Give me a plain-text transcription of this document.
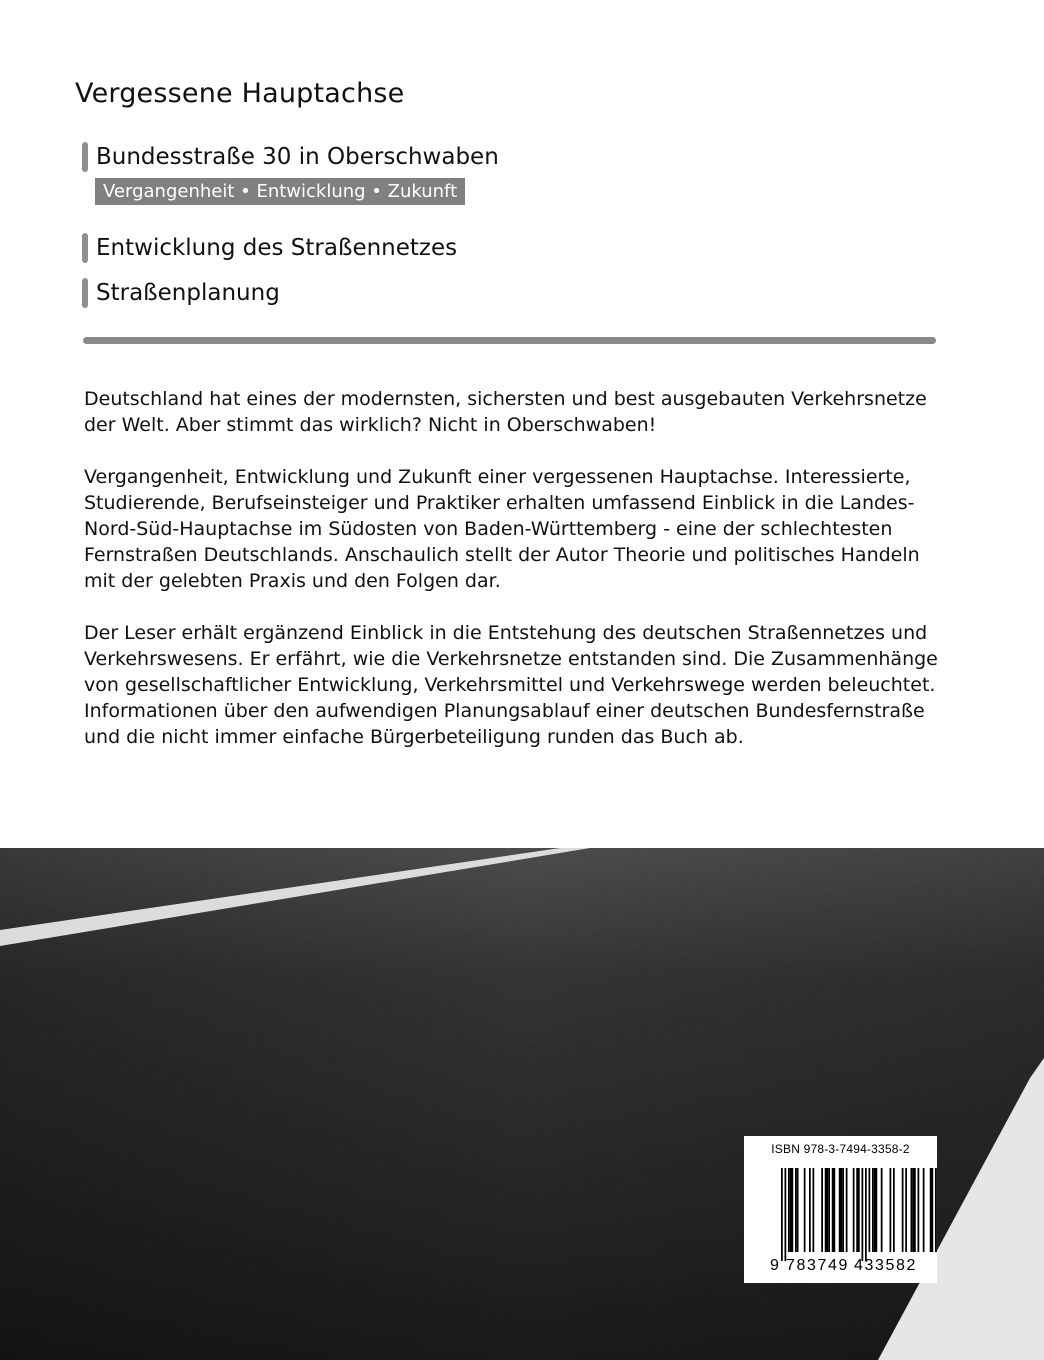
Vergessene Hauptachse
Bundesstraße 30 in Oberschwaben
Vergangenheit • Entwicklung • Zukunft
Entwicklung des Straßennetzes
Straßenplanung

Deutschland hat eines der modernsten, sichersten und best ausgebauten Verkehrsnetze der Welt. Aber stimmt das wirklich? Nicht in Oberschwaben!

Vergangenheit, Entwicklung und Zukunft einer vergessenen Hauptachse. Interessierte, Studierende, Berufseinsteiger und Praktiker erhalten umfassend Einblick in die Landes-Nord-Süd-Hauptachse im Südosten von Baden-Württemberg - eine der schlechtesten Fernstraßen Deutschlands. Anschaulich stellt der Autor Theorie und politisches Handeln mit der gelebten Praxis und den Folgen dar.

Der Leser erhält ergänzend Einblick in die Entstehung des deutschen Straßennetzes und Verkehrswesens. Er erfährt, wie die Verkehrsnetze entstanden sind. Die Zusammenhänge von gesellschaftlicher Entwicklung, Verkehrsmittel und Verkehrswege werden beleuchtet. Informationen über den aufwendigen Planungsablauf einer deutschen Bundesfernstraße und die nicht immer einfache Bürgerbeteiligung runden das Buch ab.

ISBN 978-3-7494-3358-2
9 783749 433582
